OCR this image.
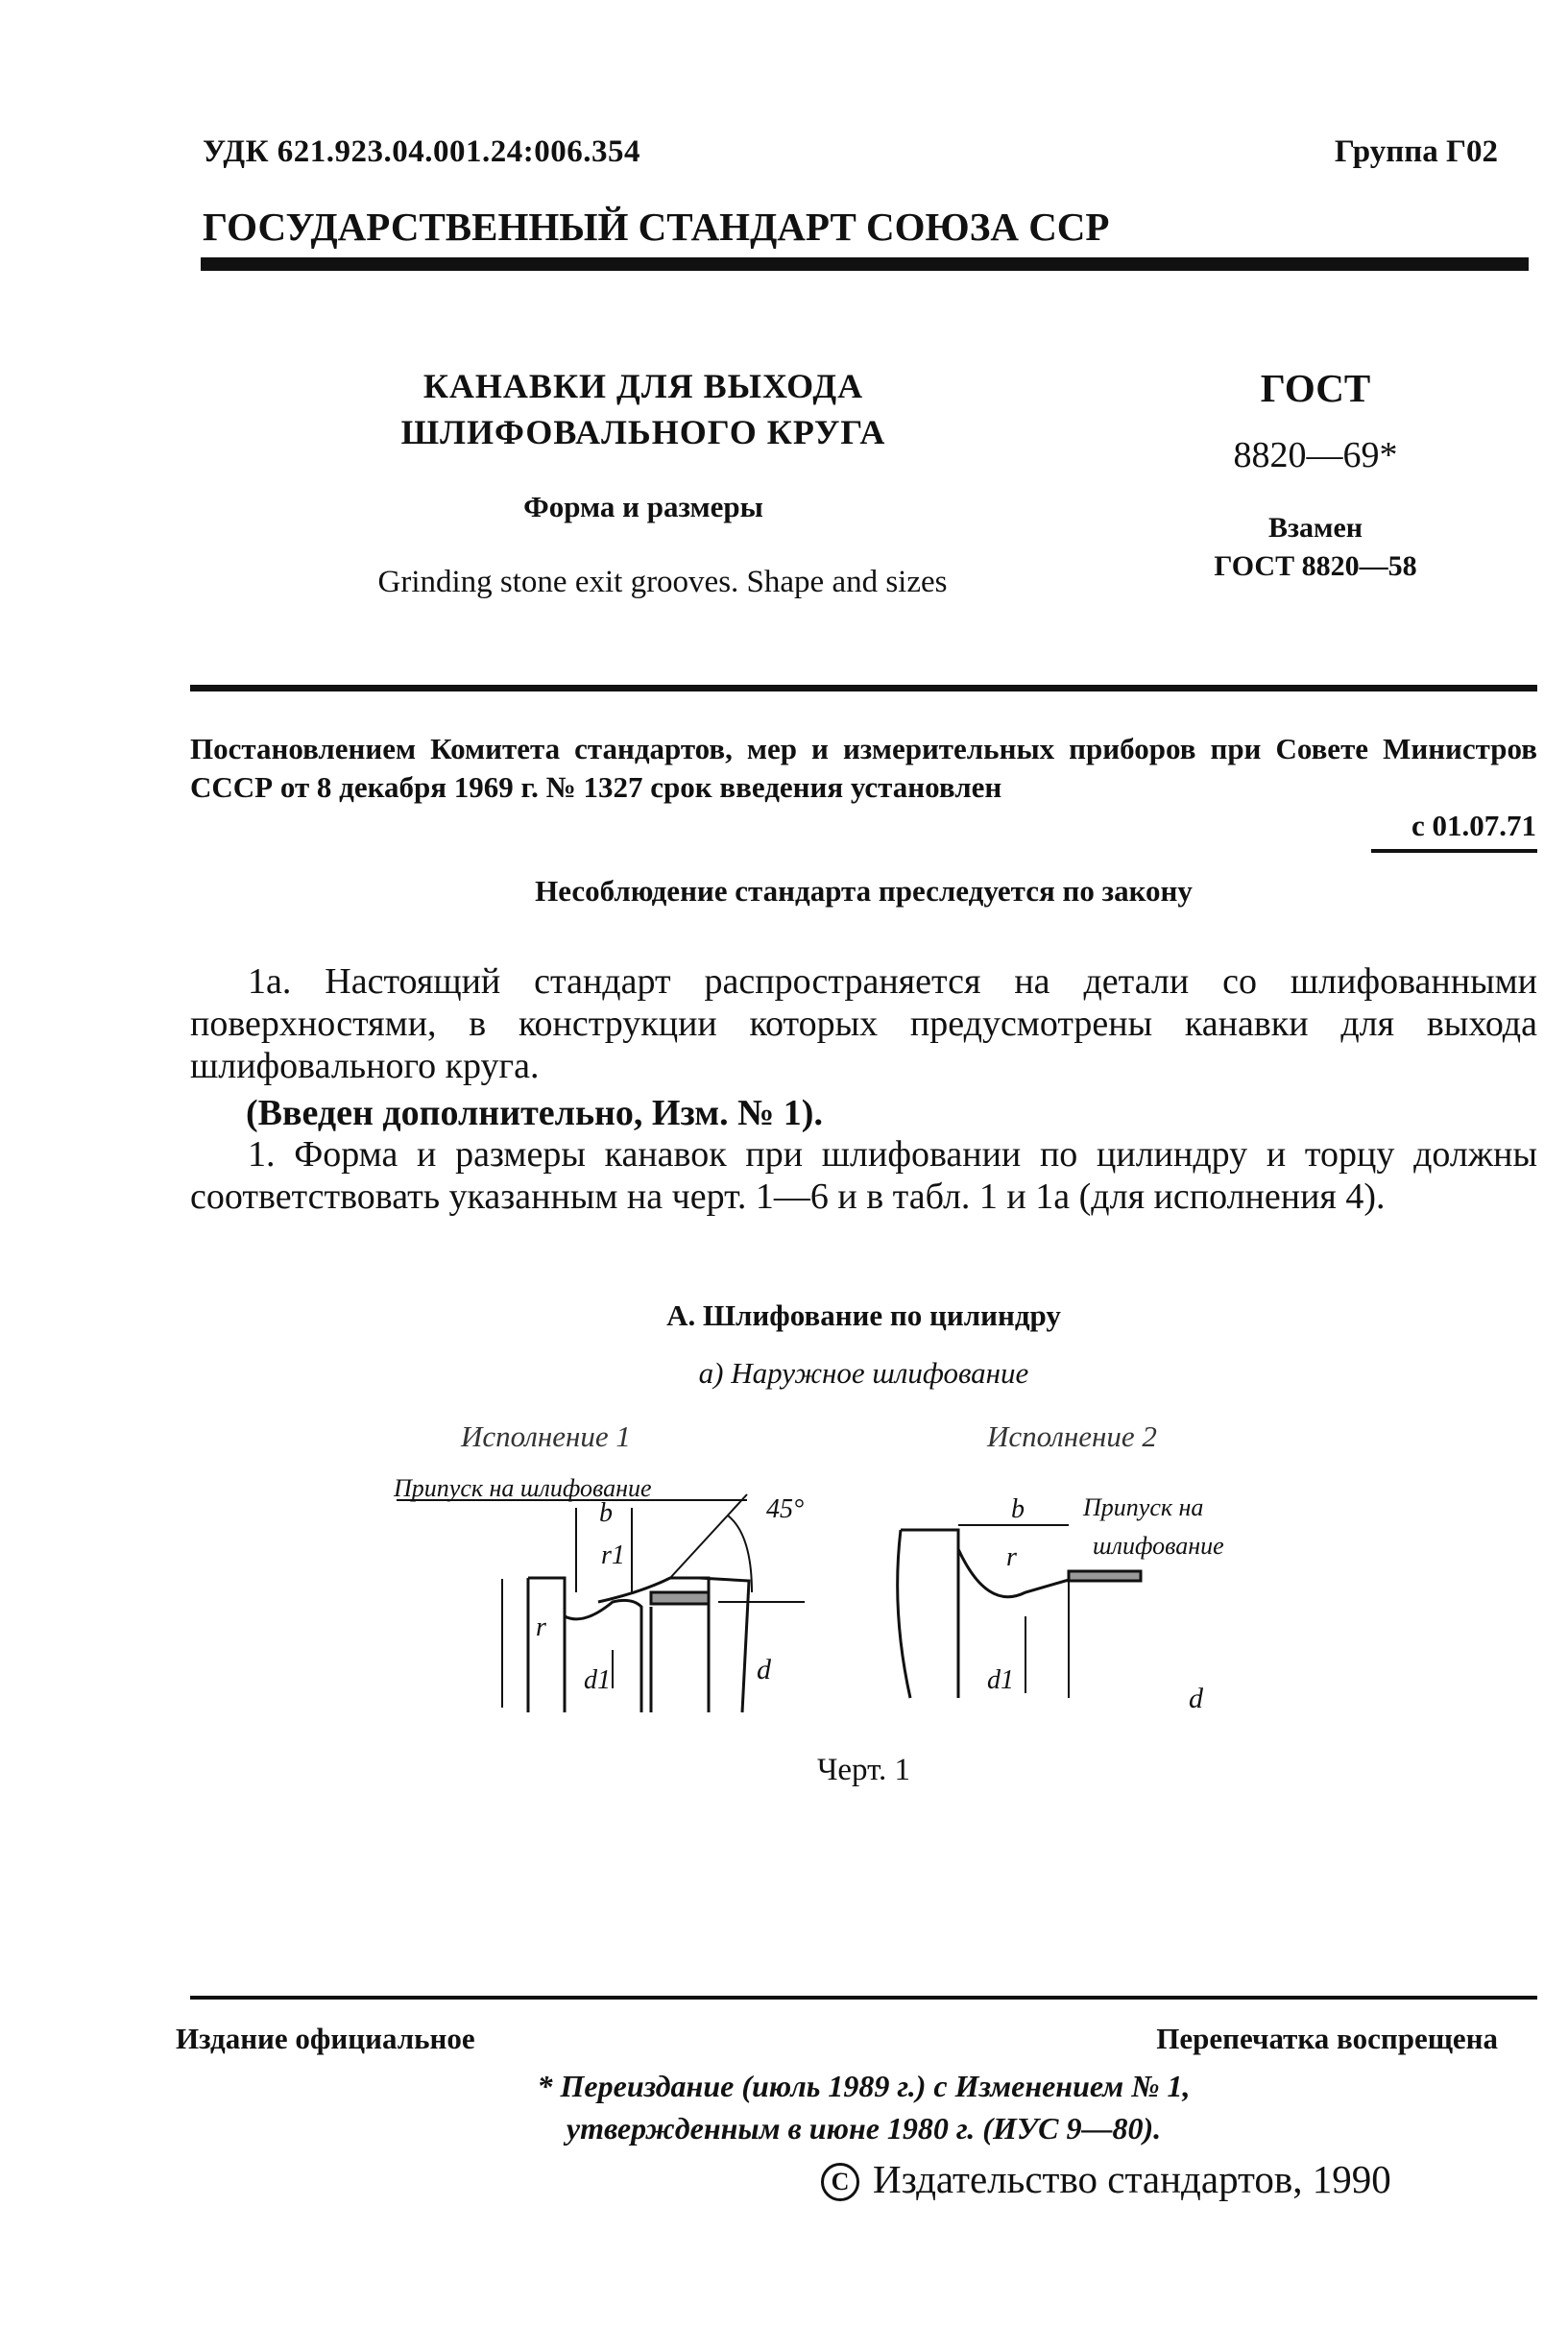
УДК 621.923.04.001.24:006.354	Группа Г02
ГОСУДАРСТВЕННЫЙ СТАНДАРТ СОЮЗА ССР
КАНАВКИ ДЛЯ ВЫХОДА
ШЛИФОВАЛЬНОГО КРУГА
Форма и размеры
Grinding stone exit grooves. Shape and sizes
ГОСТ
8820—69*
Взамен
ГОСТ 8820—58
Постановлением Комитета стандартов, мер и измерительных приборов при Совете Министров СССР от 8 декабря 1969 г. № 1327 срок введения установлен
с 01.07.71
Несоблюдение стандарта преследуется по закону
1а. Настоящий стандарт распространяется на детали со шлифованными поверхностями, в конструкции которых предусмотрены канавки для выхода шлифовального круга.
(Введен дополнительно, Изм. № 1).
1. Форма и размеры канавок при шлифовании по цилиндру и торцу должны соответствовать указанным на черт. 1—6 и в табл. 1 и 1а (для исполнения 4).
А. Шлифование по цилиндру
а) Наружное шлифование
Исполнение 1	Исполнение 2
Припуск на шлифование
45°
b
r1
r
d1	d
Припуск на
шлифование
b
r
d1
d
Черт. 1
Издание официальное	Перепечатка воспрещена
* Переиздание (июль 1989 г.) с Изменением № 1,
утвержденным в июне 1980 г. (ИУС 9—80).
C Издательство стандартов, 1990
